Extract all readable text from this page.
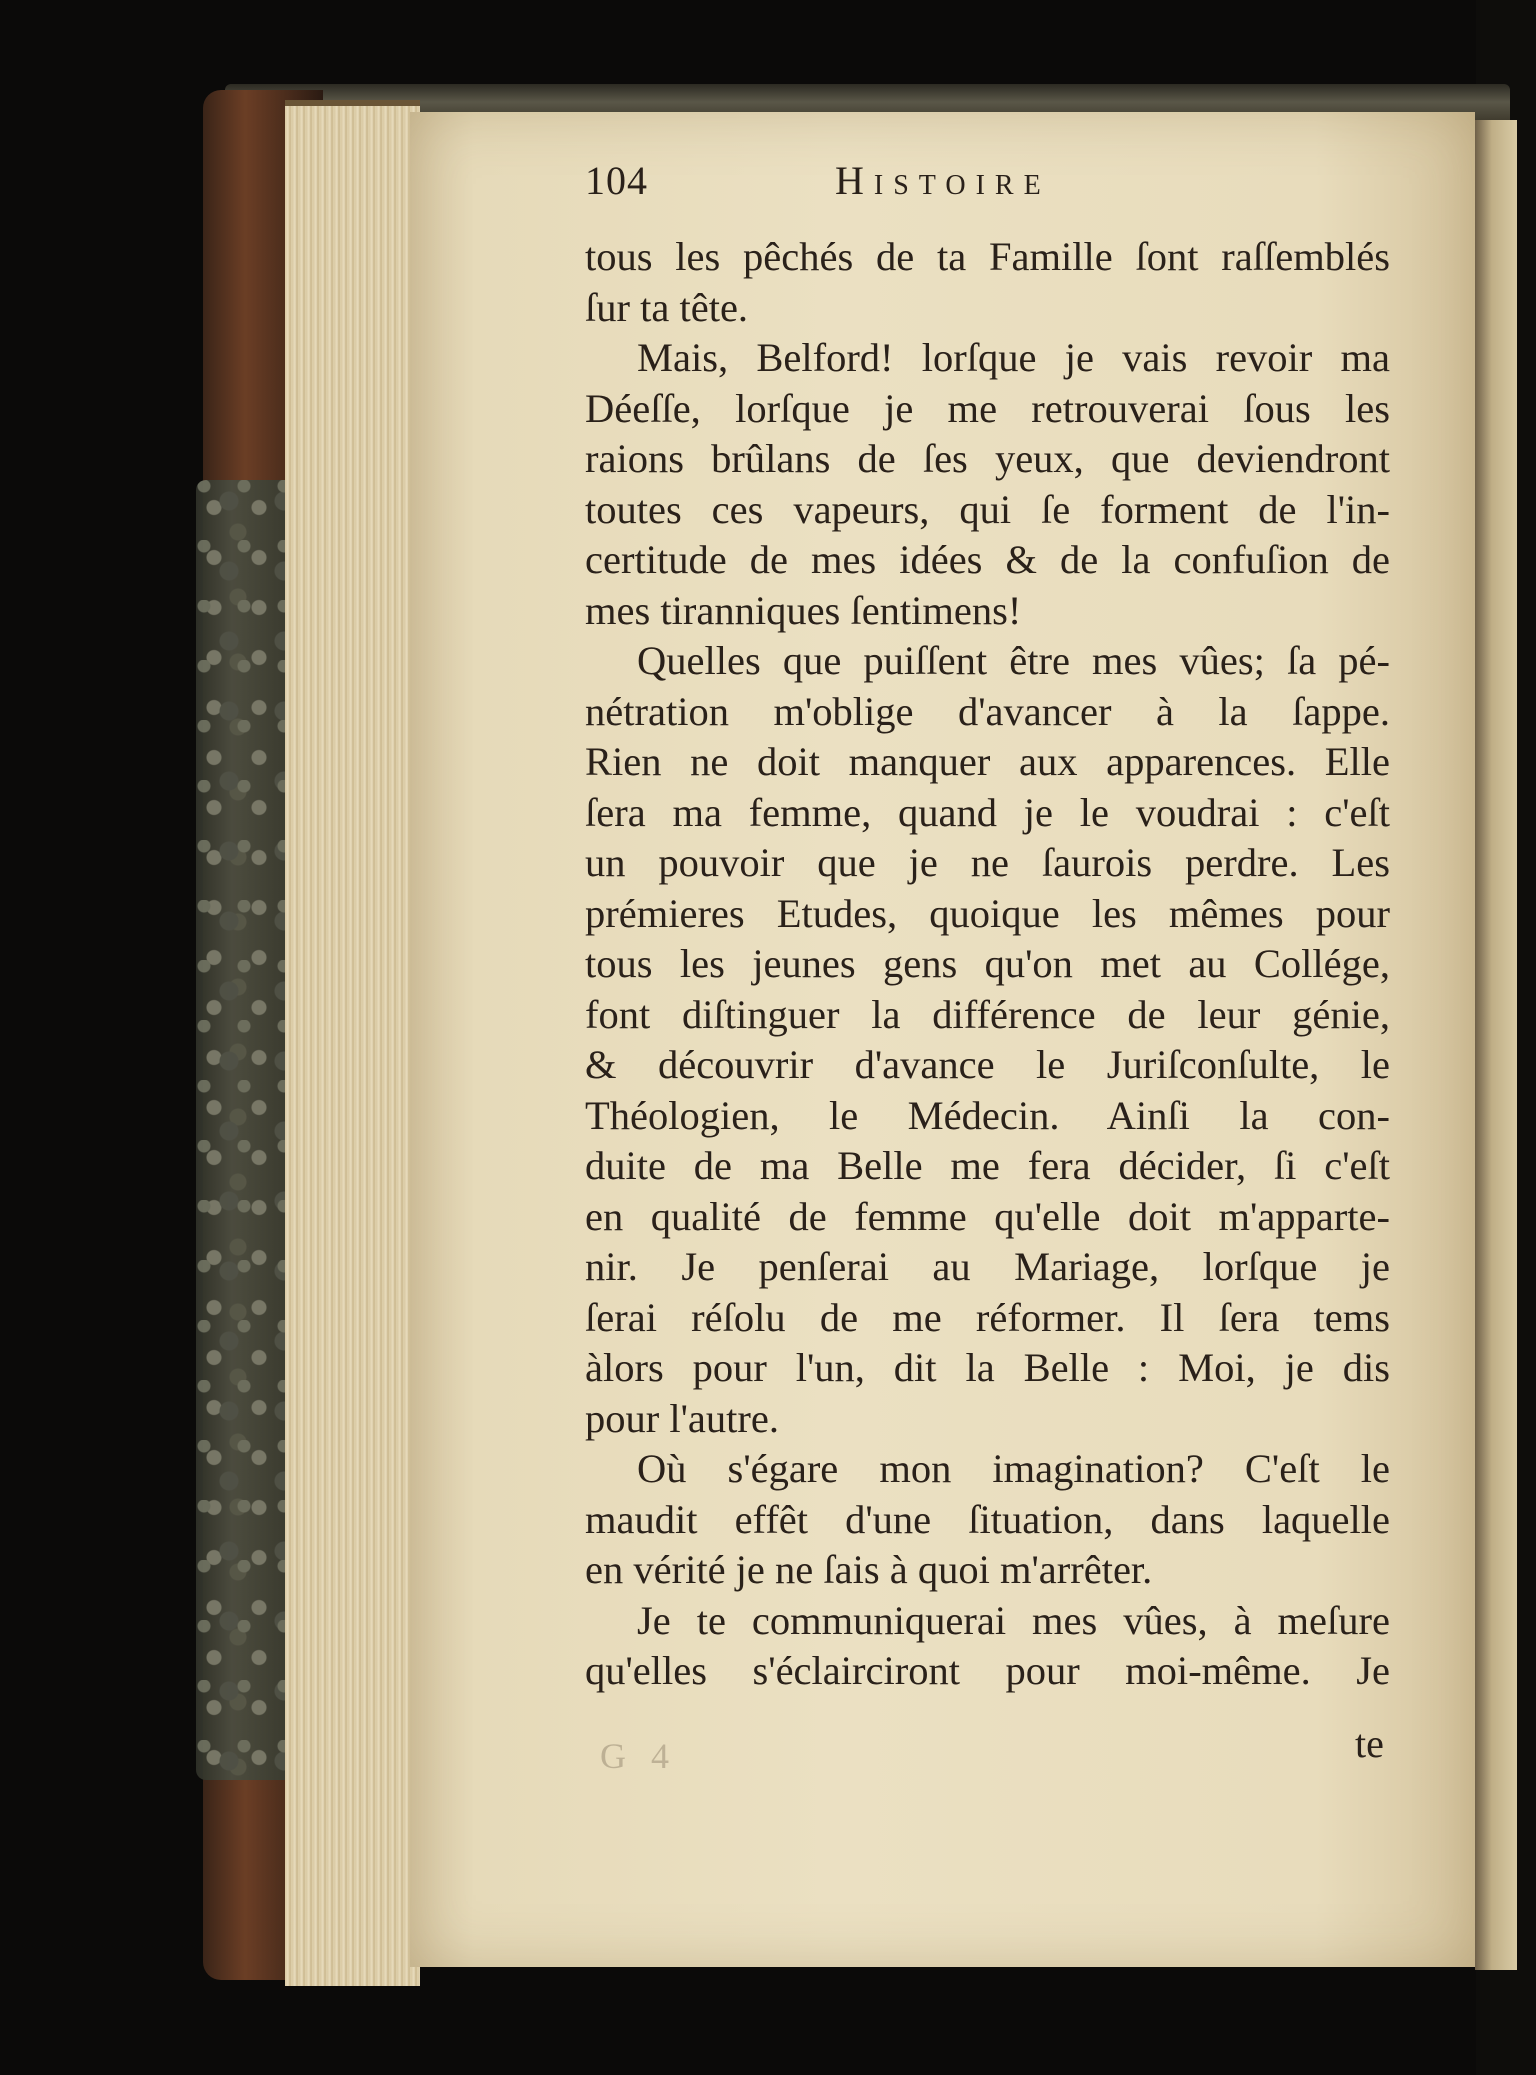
104	Histoire
tous les pêchés de ta Famille ſont raſſemblés
ſur ta tête.
Mais, Belford! lorſque je vais revoir ma
Déeſſe, lorſque je me retrouverai ſous les
raions brûlans de ſes yeux, que deviendront
toutes ces vapeurs, qui ſe forment de l'in-
certitude de mes idées & de la confuſion de
mes tiranniques ſentimens!
Quelles que puiſſent être mes vûes; ſa pé-
nétration m'oblige d'avancer à la ſappe.
Rien ne doit manquer aux apparences. Elle
ſera ma femme, quand je le voudrai : c'eſt
un pouvoir que je ne ſaurois perdre. Les
prémieres Etudes, quoique les mêmes pour
tous les jeunes gens qu'on met au Collége,
font diſtinguer la différence de leur génie,
& découvrir d'avance le Juriſconſulte, le
Théologien, le Médecin. Ainſi la con-
duite de ma Belle me fera décider, ſi c'eſt
en qualité de femme qu'elle doit m'apparte-
nir. Je penſerai au Mariage, lorſque je
ſerai réſolu de me réformer. Il ſera tems
àlors pour l'un, dit la Belle : Moi, je dis
pour l'autre.
Où s'égare mon imagination? C'eſt le
maudit effêt d'une ſituation, dans laquelle
en vérité je ne ſais à quoi m'arrêter.
Je te communiquerai mes vûes, à meſure
qu'elles s'éclairciront pour moi-même. Je
te
G 4
